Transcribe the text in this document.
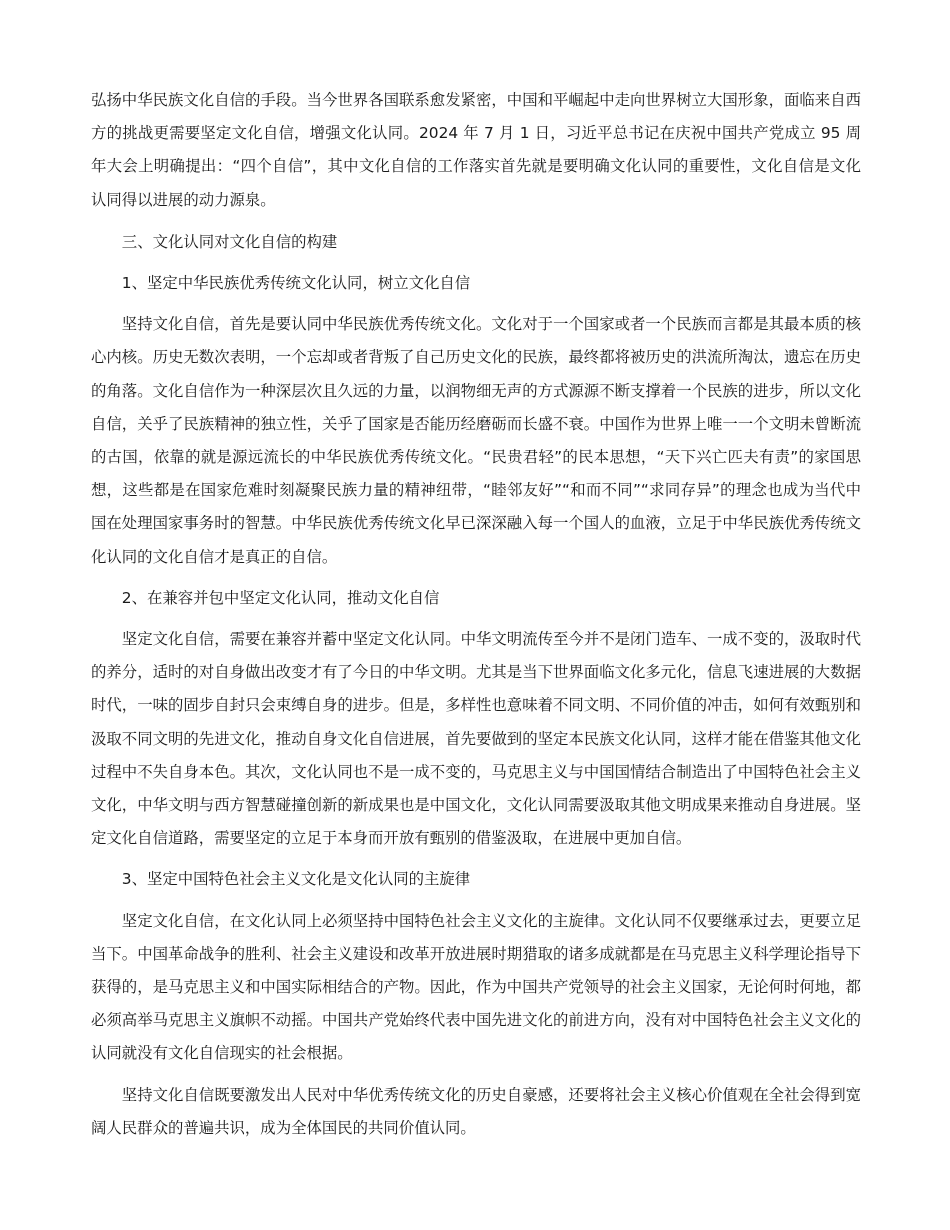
弘扬中华民族文化自信的手段。当今世界各国联系愈发紧密，中国和平崛起中走向世界树立大国形象，面临来自西方的挑战更需要坚定文化自信，增强文化认同。2024 年 7 月 1 日，习近平总书记在庆祝中国共产党成立 95 周年大会上明确提出：“四个自信”，其中文化自信的工作落实首先就是要明确文化认同的重要性，文化自信是文化认同得以进展的动力源泉。

三、文化认同对文化自信的构建

1、坚定中华民族优秀传统文化认同，树立文化自信

坚持文化自信，首先是要认同中华民族优秀传统文化。文化对于一个国家或者一个民族而言都是其最本质的核心内核。历史无数次表明，一个忘却或者背叛了自己历史文化的民族，最终都将被历史的洪流所淘汰，遗忘在历史的角落。文化自信作为一种深层次且久远的力量，以润物细无声的方式源源不断支撑着一个民族的进步，所以文化自信，关乎了民族精神的独立性，关乎了国家是否能历经磨砺而长盛不衰。中国作为世界上唯一一个文明未曾断流的古国，依靠的就是源远流长的中华民族优秀传统文化。“民贵君轻”的民本思想，“天下兴亡匹夫有责”的家国思想，这些都是在国家危难时刻凝聚民族力量的精神纽带，“睦邻友好”“和而不同”“求同存异”的理念也成为当代中国在处理国家事务时的智慧。中华民族优秀传统文化早已深深融入每一个国人的血液，立足于中华民族优秀传统文化认同的文化自信才是真正的自信。

2、在兼容并包中坚定文化认同，推动文化自信

坚定文化自信，需要在兼容并蓄中坚定文化认同。中华文明流传至今并不是闭门造车、一成不变的，汲取时代的养分，适时的对自身做出改变才有了今日的中华文明。尤其是当下世界面临文化多元化，信息飞速进展的大数据时代，一味的固步自封只会束缚自身的进步。但是，多样性也意味着不同文明、不同价值的冲击，如何有效甄别和汲取不同文明的先进文化，推动自身文化自信进展，首先要做到的坚定本民族文化认同，这样才能在借鉴其他文化过程中不失自身本色。其次，文化认同也不是一成不变的，马克思主义与中国国情结合制造出了中国特色社会主义文化，中华文明与西方智慧碰撞创新的新成果也是中国文化，文化认同需要汲取其他文明成果来推动自身进展。坚定文化自信道路，需要坚定的立足于本身而开放有甄别的借鉴汲取，在进展中更加自信。

3、坚定中国特色社会主义文化是文化认同的主旋律

坚定文化自信，在文化认同上必须坚持中国特色社会主义文化的主旋律。文化认同不仅要继承过去，更要立足当下。中国革命战争的胜利、社会主义建设和改革开放进展时期猎取的诸多成就都是在马克思主义科学理论指导下获得的，是马克思主义和中国实际相结合的产物。因此，作为中国共产党领导的社会主义国家，无论何时何地，都必须高举马克思主义旗帜不动摇。中国共产党始终代表中国先进文化的前进方向，没有对中国特色社会主义文化的认同就没有文化自信现实的社会根据。

坚持文化自信既要激发出人民对中华优秀传统文化的历史自豪感，还要将社会主义核心价值观在全社会得到宽阔人民群众的普遍共识，成为全体国民的共同价值认同。
